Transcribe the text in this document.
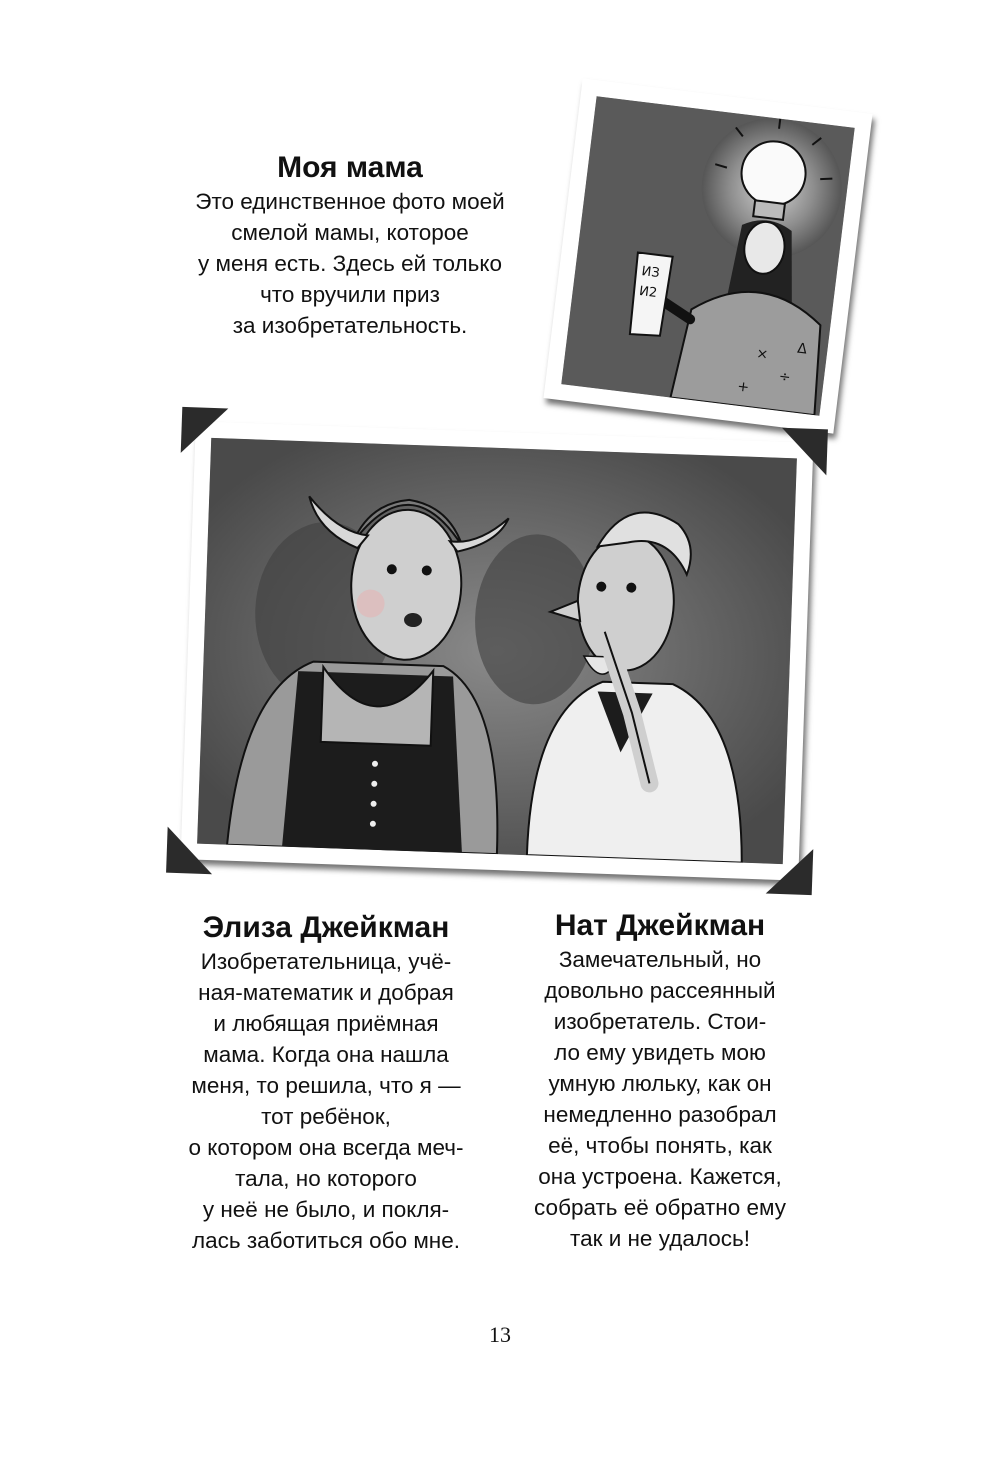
Моя мама
Это единственное фото моей
смелой мамы, которое
у меня есть. Здесь ей только
что вручили приз
за изобретательность.
×
÷
+
Δ
ИЗ
И2
Элиза Джейкман
Изобретательница, учё-
ная-математик и добрая
и любящая приёмная
мама. Когда она нашла
меня, то решила, что я —
тот ребёнок,
о котором она всегда меч-
тала, но которого
у неё не было, и покля-
лась заботиться обо мне.
Нат Джейкман
Замечательный, но
довольно рассеянный
изобретатель. Стои-
ло ему увидеть мою
умную люльку, как он
немедленно разобрал
её, чтобы понять, как
она устроена. Кажется,
собрать её обратно ему
так и не удалось!
13
